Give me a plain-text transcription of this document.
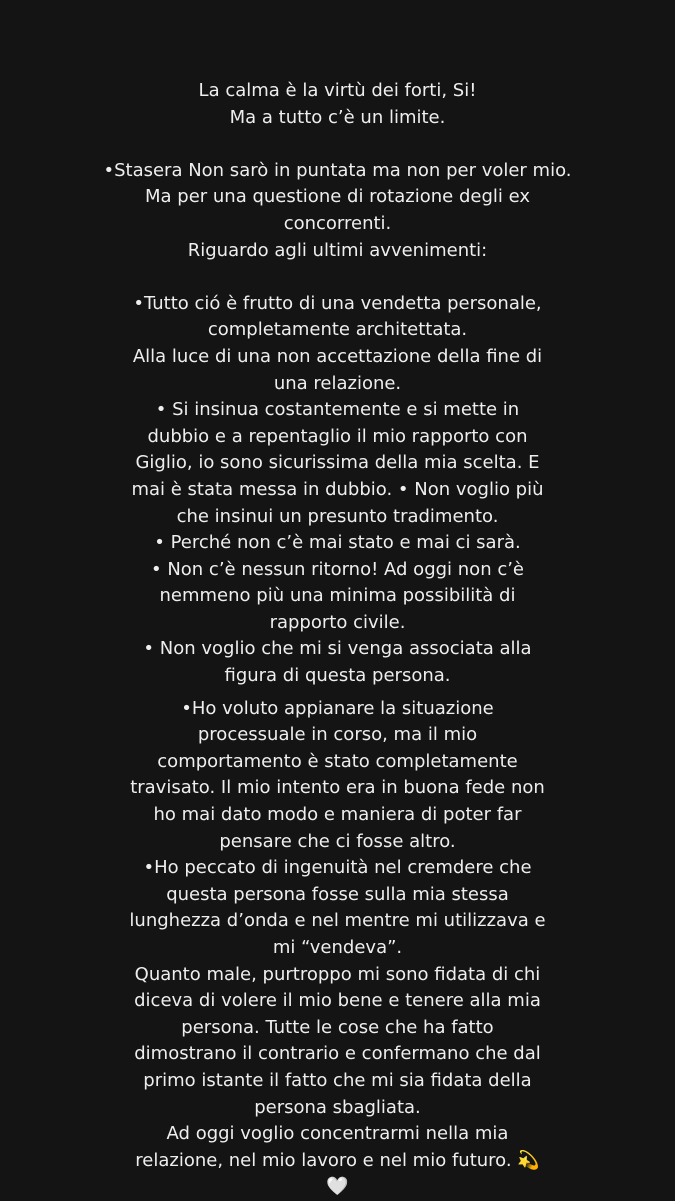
La calma è la virtù dei forti, Si!
Ma a tutto c’è un limite.
•Stasera Non sarò in puntata ma non per voler mio.
Ma per una questione di rotazione degli ex
concorrenti.
Riguardo agli ultimi avvenimenti:
•Tutto ció è frutto di una vendetta personale,
completamente architettata.
Alla luce di una non accettazione della fine di
una relazione.
• Si insinua costantemente e si mette in
dubbio e a repentaglio il mio rapporto con
Giglio, io sono sicurissima della mia scelta. E
mai è stata messa in dubbio. • Non voglio più
che insinui un presunto tradimento.
• Perché non c’è mai stato e mai ci sarà.
• Non c’è nessun ritorno! Ad oggi non c’è
nemmeno più una minima possibilità di
rapporto civile.
• Non voglio che mi si venga associata alla
figura di questa persona.
•Ho voluto appianare la situazione
processuale in corso, ma il mio
comportamento è stato completamente
travisato. Il mio intento era in buona fede non
ho mai dato modo e maniera di poter far
pensare che ci fosse altro.
•Ho peccato di ingenuità nel cremdere che
questa persona fosse sulla mia stessa
lunghezza d’onda e nel mentre mi utilizzava e
mi “vendeva”.
Quanto male, purtroppo mi sono fidata di chi
diceva di volere il mio bene e tenere alla mia
persona. Tutte le cose che ha fatto
dimostrano il contrario e confermano che dal
primo istante il fatto che mi sia fidata della
persona sbagliata.
Ad oggi voglio concentrarmi nella mia
relazione, nel mio lavoro e nel mio futuro. 💫
🤍
